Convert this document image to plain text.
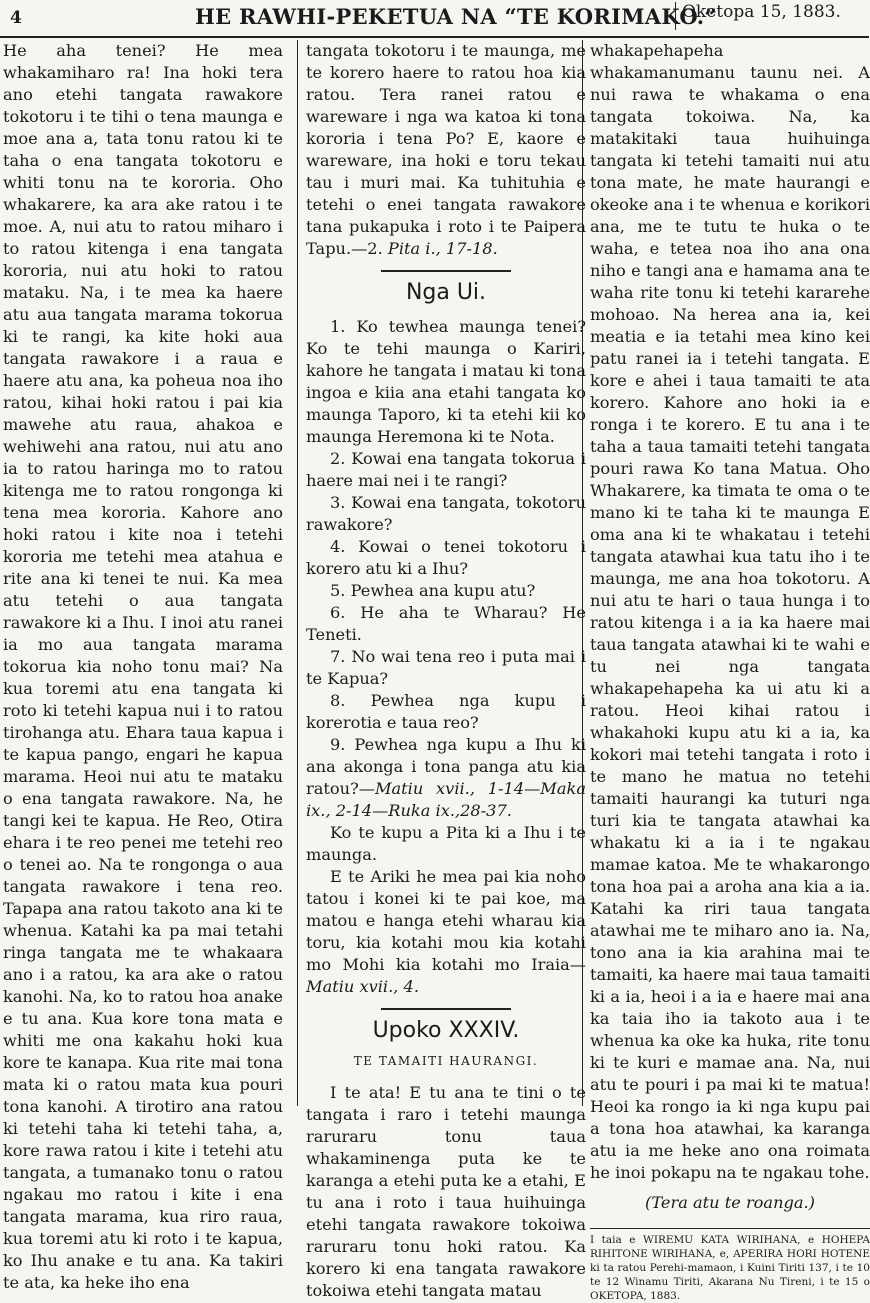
4	HE RAWHI-PEKETUA NA “TE KORIMAKO.”
Oketopa 15, 1883.

He aha tenei? He mea whakamiharo ra! Ina hoki tera ano etehi tangata rawakore tokotoru i te tihi o tena maunga e moe ana a, tata tonu ratou ki te taha o ena tangata tokotoru e whiti tonu na te kororia. Oho whakarere, ka ara ake ratou i te moe. A, nui atu to ratou miharo i to ratou kitenga i ena tangata kororia, nui atu hoki to ratou mataku. Na, i te mea ka haere atu aua tangata marama tokorua ki te rangi, ka kite hoki aua tangata rawakore i a raua e haere atu ana, ka poheua noa iho ratou, kihai hoki ratou i pai kia mawehe atu raua, ahakoa e wehiwehi ana ratou, nui atu ano ia to ratou haringa mo to ratou kitenga me to ratou rongonga ki tena mea kororia. Kahore ano hoki ratou i kite noa i tetehi kororia me tetehi mea atahua e rite ana ki tenei te nui. Ka mea atu tetehi o aua tangata rawakore ki a Ihu. I inoi atu ranei ia mo aua tangata marama tokorua kia noho tonu mai? Na kua toremi atu ena tangata ki roto ki tetehi kapua nui i to ratou tirohanga atu. Ehara taua kapua i te kapua pango, engari he kapua marama. Heoi nui atu te mataku o ena tangata rawakore. Na, he tangi kei te kapua. He Reo, Otira ehara i te reo penei me tetehi reo o tenei ao. Na te rongonga o aua tangata rawakore i tena reo. Tapapa ana ratou takoto ana ki te whenua. Katahi ka pa mai tetahi ringa tangata me te whakaara ano i a ratou, ka ara ake o ratou kanohi. Na, ko to ratou hoa anake e tu ana. Kua kore tona mata e whiti me ona kakahu hoki kua kore te kanapa. Kua rite mai tona mata ki o ratou mata kua pouri tona kanohi. A tirotiro ana ratou ki tetehi taha ki tetehi taha, a, kore rawa ratou i kite i tetehi atu tangata, a tumanako tonu o ratou ngakau mo ratou i kite i ena tangata marama, kua riro raua, kua toremi atu ki roto i te kapua, ko Ihu anake e tu ana. Ka takiri te ata, ka heke iho ena

tangata tokotoru i te maunga, me te korero haere to ratou hoa kia ratou. Tera ranei ratou e wareware i nga wa katoa ki tona kororia i tena Po? E, kaore e wareware, ina hoki e toru tekau tau i muri mai. Ka tuhituhia e tetehi o enei tangata rawakore tana pukapuka i roto i te Paipera Tapu.—2. Pita i., 17-18.

Nga Ui.

1. Ko tewhea maunga tenei? Ko te tehi maunga o Kariri, kahore he tangata i matau ki tona ingoa e kiia ana etahi tangata ko maunga Taporo, ki ta etehi kii ko maunga Heremona ki te Nota.

2. Kowai ena tangata tokorua i haere mai nei i te rangi?

3. Kowai ena tangata, tokotoru rawakore?

4. Kowai o tenei tokotoru i korero atu ki a Ihu?

5. Pewhea ana kupu atu?

6. He aha te Wharau? He Teneti.

7. No wai tena reo i puta mai i te Kapua?

8. Pewhea nga kupu i korerotia e taua reo?

9. Pewhea nga kupu a Ihu ki ana akonga i tona panga atu kia ratou?—Matiu xvii., 1-14—Maka ix., 2-14—Ruka ix.,28-37.

Ko te kupu a Pita ki a Ihu i te maunga.

E te Ariki he mea pai kia noho tatou i konei ki te pai koe, ma matou e hanga etehi wharau kia toru, kia kotahi mou kia kotahi mo Mohi kia kotahi mo Iraia—Matiu xvii., 4.

Upoko XXXIV.
TE TAMAITI HAURANGI.

I te ata! E tu ana te tini o te tangata i raro i tetehi maunga raruraru tonu taua whakaminenga puta ke te karanga a etehi puta ke a etahi, E tu ana i roto i taua huihuinga etehi tangata rawakore tokoiwa raruraru tonu hoki ratou. Ka korero ki ena tangata rawakore tokoiwa etehi tangata matau

whakapehapeha whakamanumanu taunu nei. A nui rawa te whakama o ena tangata tokoiwa. Na, ka matakitaki taua huihuinga tangata ki tetehi tamaiti nui atu tona mate, he mate haurangi e okeoke ana i te whenua e korikori ana, me te tutu te huka o te waha, e tetea noa iho ana ona niho e tangi ana e hamama ana te waha rite tonu ki tetehi kararehe mohoao. Na herea ana ia, kei meatia e ia tetahi mea kino kei patu ranei ia i tetehi tangata. E kore e ahei i taua tamaiti te ata korero. Kahore ano hoki ia e ronga i te korero. E tu ana i te taha a taua tamaiti tetehi tangata pouri rawa Ko tana Matua. Oho Whakarere, ka timata te oma o te mano ki te taha ki te maunga E oma ana ki te whakatau i tetehi tangata atawhai kua tatu iho i te maunga, me ana hoa tokotoru. A nui atu te hari o taua hunga i to ratou kitenga i a ia ka haere mai taua tangata atawhai ki te wahi e tu nei nga tangata whakapehapeha ka ui atu ki a ratou. Heoi kihai ratou i whakahoki kupu atu ki a ia, ka kokori mai tetehi tangata i roto i te mano he matua no tetehi tamaiti haurangi ka tuturi nga turi kia te tangata atawhai ka whakatu ki a ia i te ngakau mamae katoa. Me te whakarongo tona hoa pai a aroha ana kia a ia. Katahi ka riri taua tangata atawhai me te miharo ano ia. Na, tono ana ia kia arahina mai te tamaiti, ka haere mai taua tamaiti ki a ia, heoi i a ia e haere mai ana ka taia iho ia takoto aua i te whenua ka oke ka huka, rite tonu ki te kuri e mamae ana. Na, nui atu te pouri i pa mai ki te matua! Heoi ka rongo ia ki nga kupu pai a tona hoa atawhai, ka karanga atu ia me heke ano ona roimata he inoi pokapu na te ngakau tohe.

(Tera atu te roanga.)
I taia e WIREMU KATA WIRIHANA, e HOHEPA RIHITONE WIRIHANA, e, APERIRA HORI HOTENE ki ta ratou Perehi-mamaon, i Kuini Tiriti 137, i te 10 te 12 Winamu Tiriti, Akarana Nu Tireni, i te 15 o OKETOPA, 1883.
